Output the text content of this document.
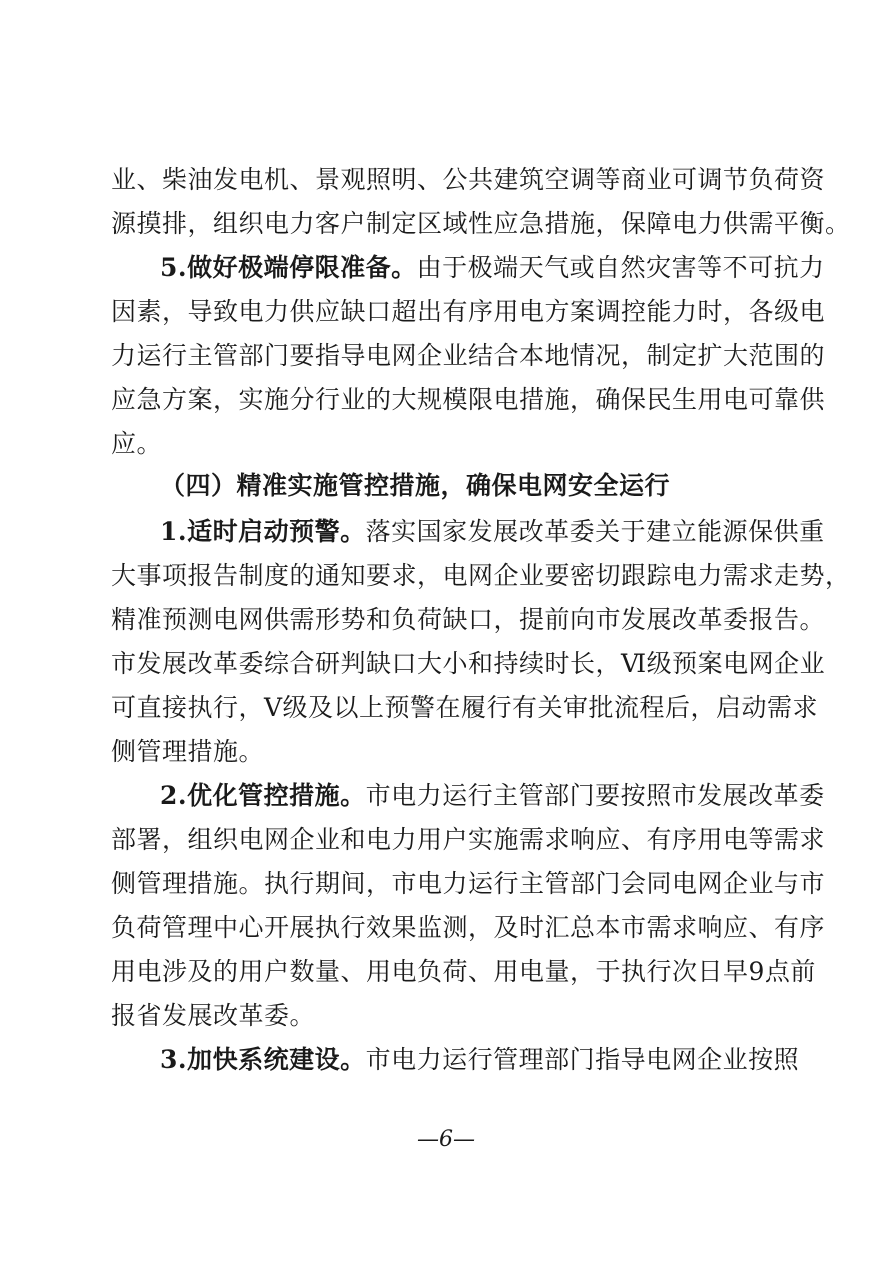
业、柴油发电机、景观照明、公共建筑空调等商业可调节负荷资
源摸排，组织电力客户制定区域性应急措施，保障电力供需平衡。
5.做好极端停限准备。由于极端天气或自然灾害等不可抗力
因素，导致电力供应缺口超出有序用电方案调控能力时，各级电
力运行主管部门要指导电网企业结合本地情况，制定扩大范围的
应急方案，实施分行业的大规模限电措施，确保民生用电可靠供
应。
（四）精准实施管控措施，确保电网安全运行
1.适时启动预警。落实国家发展改革委关于建立能源保供重
大事项报告制度的通知要求，电网企业要密切跟踪电力需求走势，
精准预测电网供需形势和负荷缺口，提前向市发展改革委报告。
市发展改革委综合研判缺口大小和持续时长，Ⅵ级预案电网企业
可直接执行，Ⅴ级及以上预警在履行有关审批流程后，启动需求
侧管理措施。
2.优化管控措施。市电力运行主管部门要按照市发展改革委
部署，组织电网企业和电力用户实施需求响应、有序用电等需求
侧管理措施。执行期间，市电力运行主管部门会同电网企业与市
负荷管理中心开展执行效果监测，及时汇总本市需求响应、有序
用电涉及的用户数量、用电负荷、用电量，于执行次日早9点前
报省发展改革委。
3.加快系统建设。市电力运行管理部门指导电网企业按照
—6—
